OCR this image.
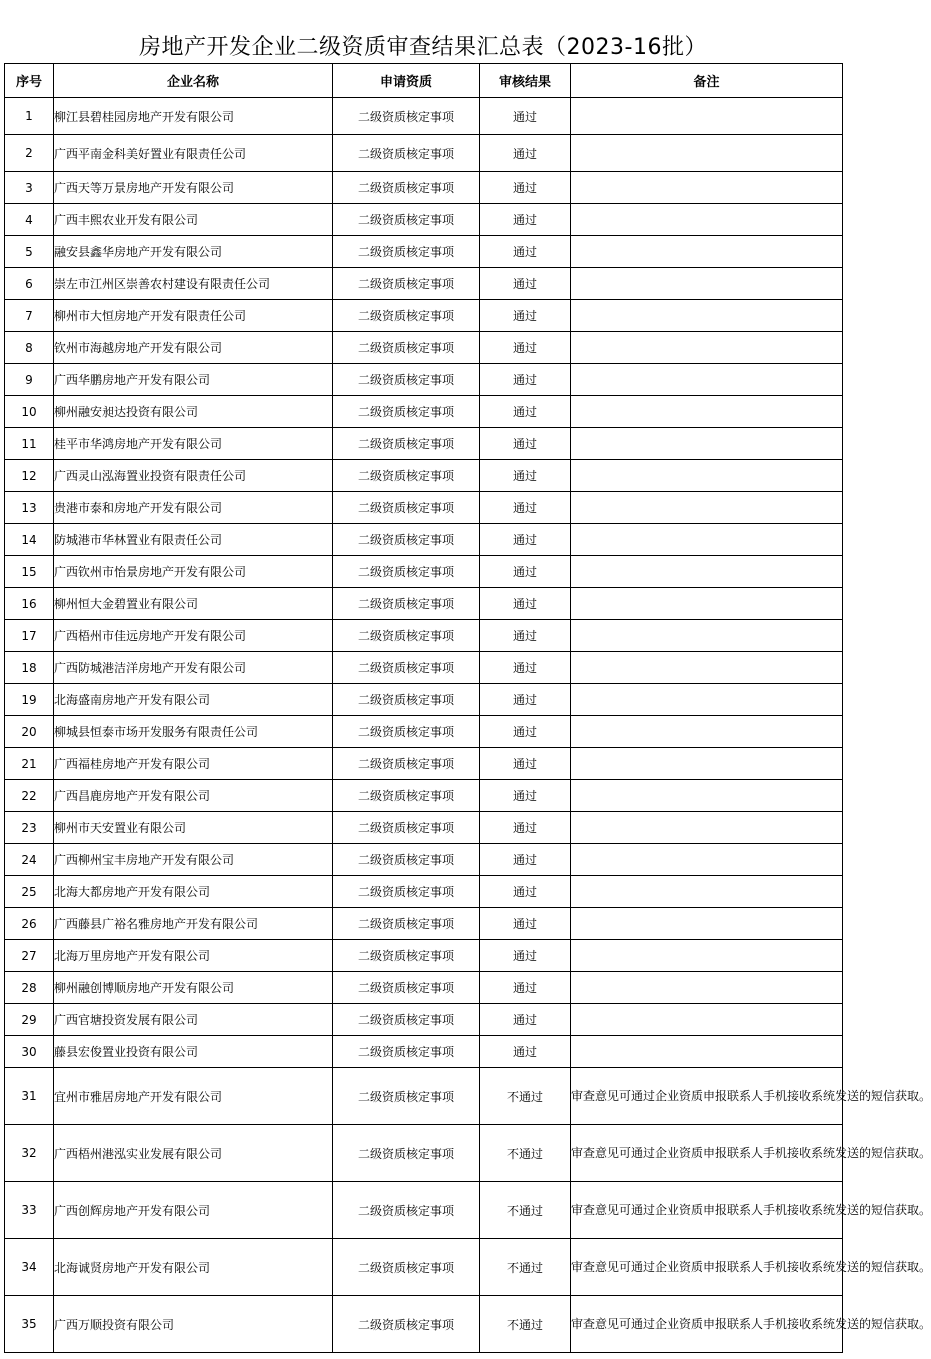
房地产开发企业二级资质审查结果汇总表（2023-16批）
序号	企业名称	申请资质	审核结果	备注
1	柳江县碧桂园房地产开发有限公司	二级资质核定事项	通过	
2	广西平南金科美好置业有限责任公司	二级资质核定事项	通过	
3	广西天等万景房地产开发有限公司	二级资质核定事项	通过	
4	广西丰熙农业开发有限公司	二级资质核定事项	通过	
5	融安县鑫华房地产开发有限公司	二级资质核定事项	通过	
6	崇左市江州区崇善农村建设有限责任公司	二级资质核定事项	通过	
7	柳州市大恒房地产开发有限责任公司	二级资质核定事项	通过	
8	钦州市海越房地产开发有限公司	二级资质核定事项	通过	
9	广西华鹏房地产开发有限公司	二级资质核定事项	通过	
10	柳州融安昶达投资有限公司	二级资质核定事项	通过	
11	桂平市华鸿房地产开发有限公司	二级资质核定事项	通过	
12	广西灵山泓海置业投资有限责任公司	二级资质核定事项	通过	
13	贵港市泰和房地产开发有限公司	二级资质核定事项	通过	
14	防城港市华林置业有限责任公司	二级资质核定事项	通过	
15	广西钦州市怡景房地产开发有限公司	二级资质核定事项	通过	
16	柳州恒大金碧置业有限公司	二级资质核定事项	通过	
17	广西梧州市佳远房地产开发有限公司	二级资质核定事项	通过	
18	广西防城港洁洋房地产开发有限公司	二级资质核定事项	通过	
19	北海盛南房地产开发有限公司	二级资质核定事项	通过	
20	柳城县恒泰市场开发服务有限责任公司	二级资质核定事项	通过	
21	广西福桂房地产开发有限公司	二级资质核定事项	通过	
22	广西昌鹿房地产开发有限公司	二级资质核定事项	通过	
23	柳州市天安置业有限公司	二级资质核定事项	通过	
24	广西柳州宝丰房地产开发有限公司	二级资质核定事项	通过	
25	北海大都房地产开发有限公司	二级资质核定事项	通过	
26	广西藤县广裕名雅房地产开发有限公司	二级资质核定事项	通过	
27	北海万里房地产开发有限公司	二级资质核定事项	通过	
28	柳州融创博顺房地产开发有限公司	二级资质核定事项	通过	
29	广西官塘投资发展有限公司	二级资质核定事项	通过	
30	藤县宏俊置业投资有限公司	二级资质核定事项	通过	
31	宜州市雅居房地产开发有限公司	二级资质核定事项	不通过	审查意见可通过企业资质申报联系人手机接收系统发送的短信获取。
32	广西梧州港泓实业发展有限公司	二级资质核定事项	不通过	审查意见可通过企业资质申报联系人手机接收系统发送的短信获取。
33	广西创辉房地产开发有限公司	二级资质核定事项	不通过	审查意见可通过企业资质申报联系人手机接收系统发送的短信获取。
34	北海诚贤房地产开发有限公司	二级资质核定事项	不通过	审查意见可通过企业资质申报联系人手机接收系统发送的短信获取。
35	广西万顺投资有限公司	二级资质核定事项	不通过	审查意见可通过企业资质申报联系人手机接收系统发送的短信获取。
